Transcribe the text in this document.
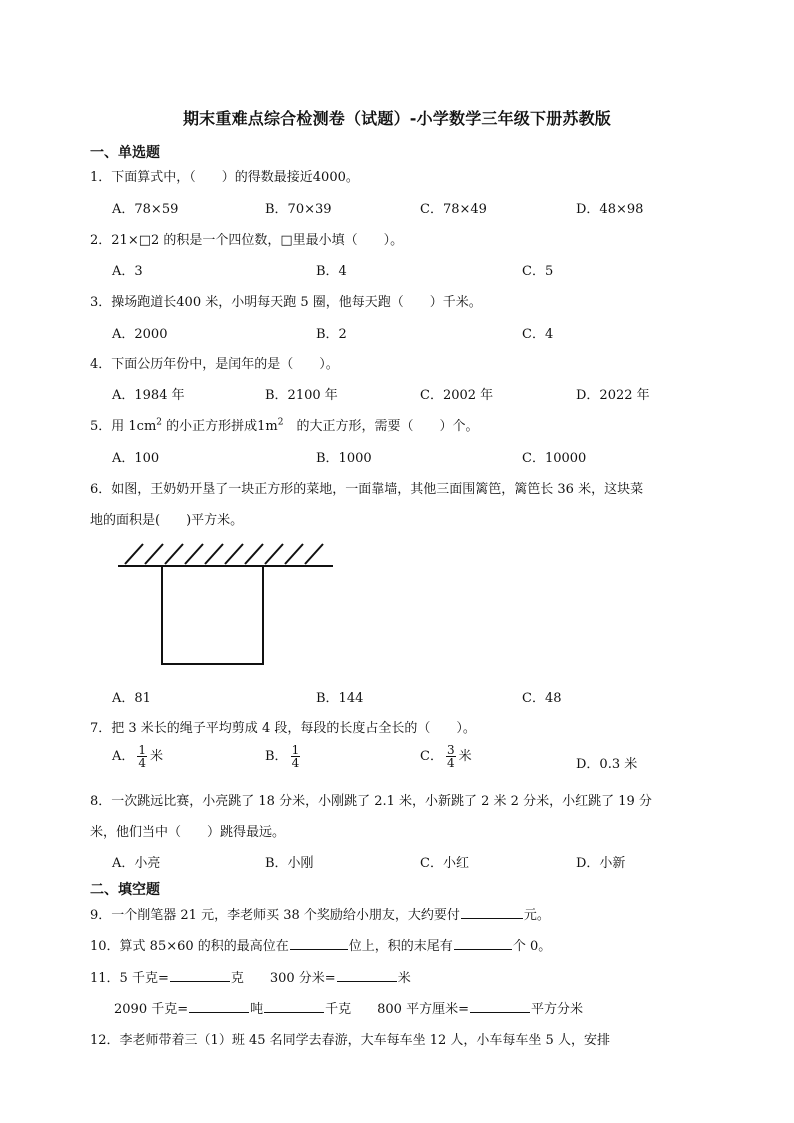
期末重难点综合检测卷（试题）-小学数学三年级下册苏教版
一、单选题
1．下面算式中，（　　）的得数最接近4000。
A．78×59	B．70×39	C．78×49	D．48×98
2．21×□2 的积是一个四位数，□里最小填（　　）。
A．3	B．4	C．5
3．操场跑道长400 米，小明每天跑 5 圈，他每天跑（　　）千米。
A．2000	B．2	C．4
4．下面公历年份中，是闰年的是（　　）。
A．1984 年	B．2100 年	C．2002 年	D．2022 年
5．用 $1cm^2$ 的小正方形拼成$1m^2$　的大正方形，需要（　　）个。
A．100	B．1000	C．10000
6．如图，王奶奶开垦了一块正方形的菜地，一面靠墙，其他三面围篱笆，篱笆长 36 米，这块菜
地的面积是(　　)平方米。
A．81	B．144	C．48
7．把 3 米长的绳子平均剪成 4 段，每段的长度占全长的（　　）。
A． $\frac{1}{4}$ 米	B． $\frac{1}{4}$	C． $\frac{3}{4}$ 米
D．0.3 米
8．一次跳远比赛，小亮跳了 18 分米，小刚跳了 2.1 米，小新跳了 2 米 2 分米，小红跳了 19 分
米，他们当中（　　）跳得最远。
A．小亮	B．小刚	C．小红	D．小新
二、填空题
9．一个削笔器 21 元，李老师买 38 个奖励给小朋友，大约要付	元。
10．算式 85×60 的积的最高位在	位上，积的末尾有	个 0。
11．5 千克=	克　　300 分米=	米
2090 千克=	吨	千克　　800 平方厘米=	平方分米
12．李老师带着三（1）班 45 名同学去春游，大车每车坐 12 人，小车每车坐 5 人，安排
